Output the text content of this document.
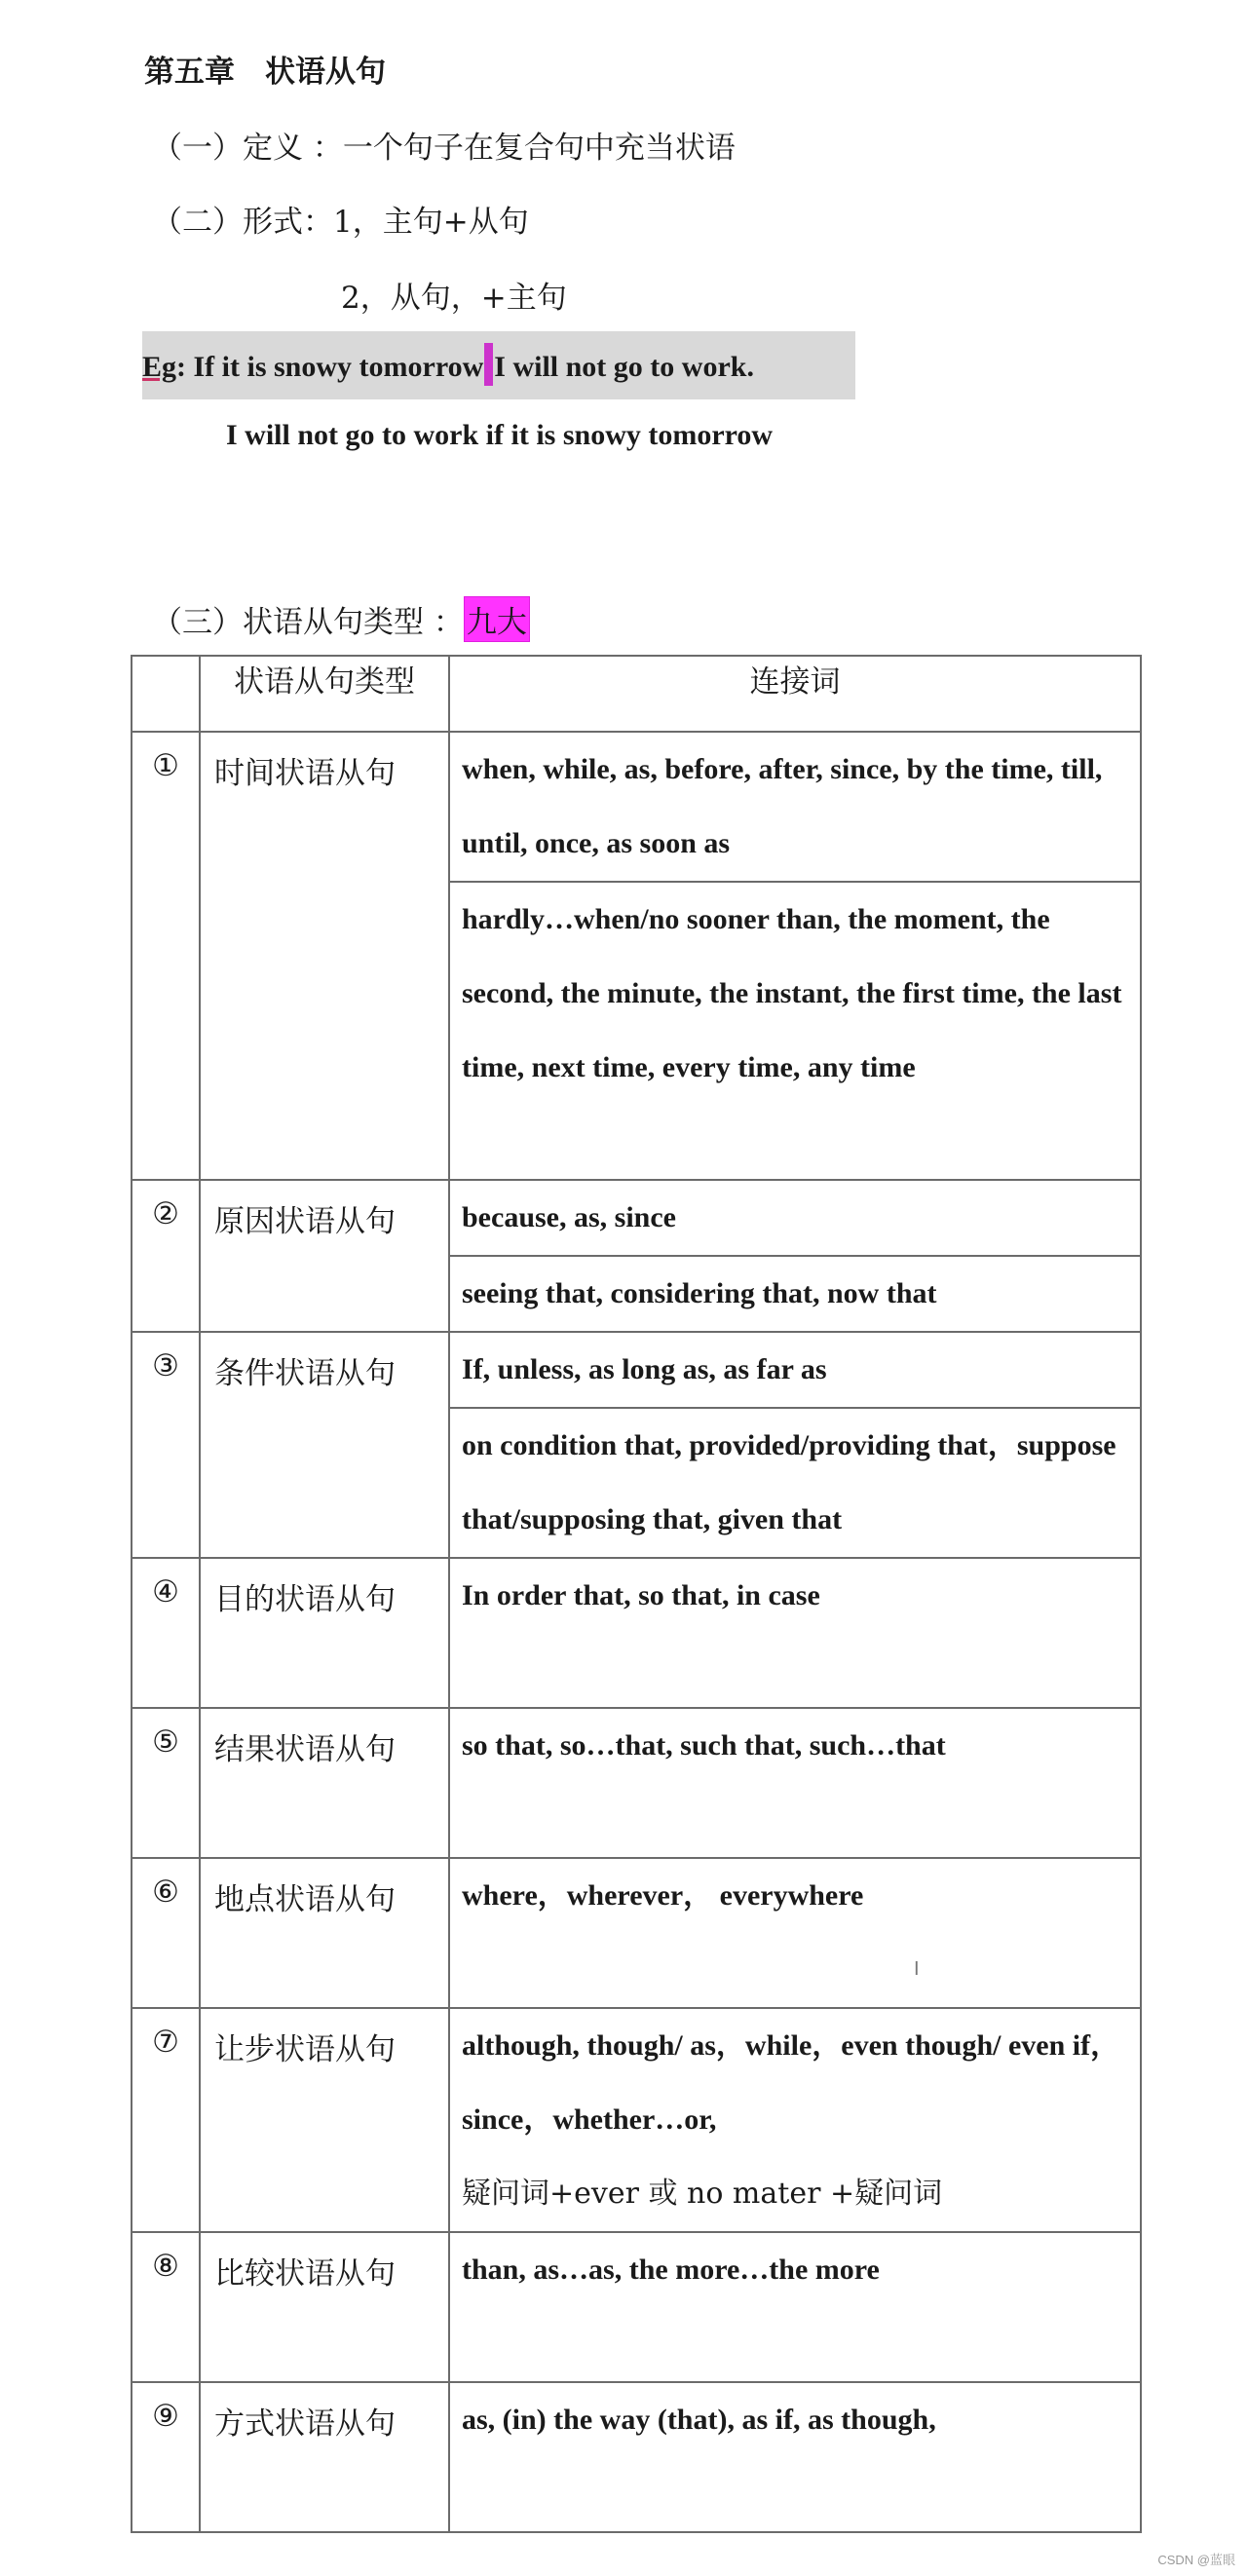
第五章　状语从句
（一）定义 ：一个句子在复合句中充当状语
（二）形式：1，主句+从句
2，从句，+主句
Eg: If it is snowy tomorrow I will not go to work.
I will not go to work if it is snowy tomorrow
（三）状语从句类型 ：九大
	状语从句类型	连接词
①	时间状语从句	when, while, as, before, after, since, by the time, till, until, once, as soon as
		hardly…when/no sooner than, the moment, the second, the minute, the instant, the first time, the last time, next time, every time, any time
②	原因状语从句	because, as, since
		seeing that, considering that, now that
③	条件状语从句	If, unless, as long as, as far as
		on condition that, provided/providing that，suppose that/supposing that, given that
④	目的状语从句	In order that, so that, in case
⑤	结果状语从句	so that, so…that, such that, such…that
⑥	地点状语从句	where，wherever， everywhere
⑦	让步状语从句	although, though/ as，while，even though/ even if，since，whether…or,
疑问词+ever 或 no mater +疑问词
⑧	比较状语从句	than, as…as, the more…the more
⑨	方式状语从句	as, (in) the way (that), as if, as though,
I
CSDN @蓝眼
